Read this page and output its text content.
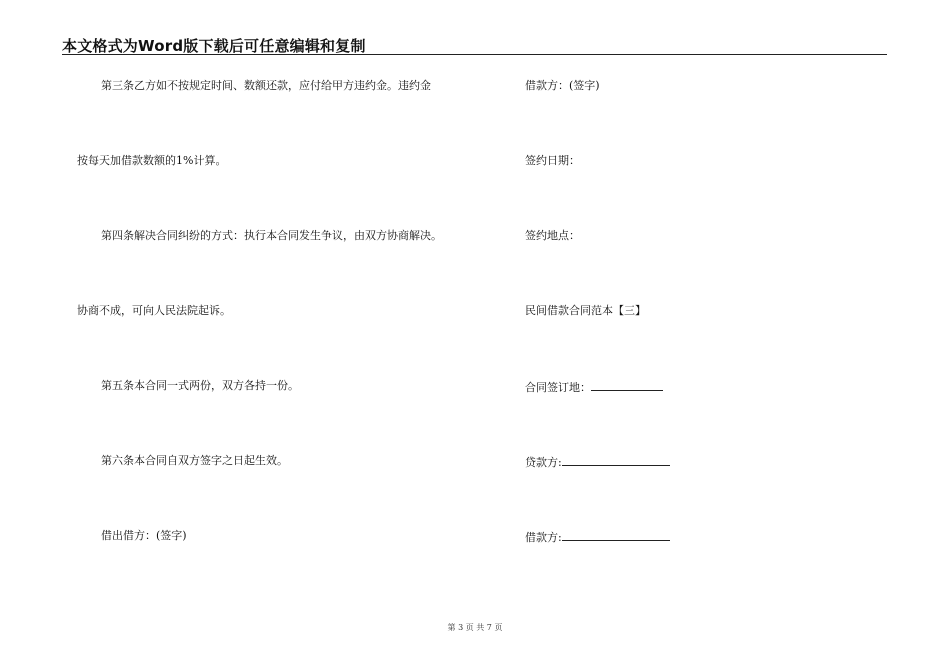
本文格式为Word版下载后可任意编辑和复制
第三条乙方如不按规定时间、数额还款，应付给甲方违约金。违约金
按每天加借款数额的1%计算。
第四条解决合同纠纷的方式：执行本合同发生争议，由双方协商解决。
协商不成，可向人民法院起诉。
第五条本合同一式两份，双方各持一份。
第六条本合同自双方签字之日起生效。
借出借方：(签字)
借款方：(签字)
签约日期：
签约地点：
民间借款合同范本【三】
合同签订地：
贷款方:
借款方:
第 3 页 共 7 页
